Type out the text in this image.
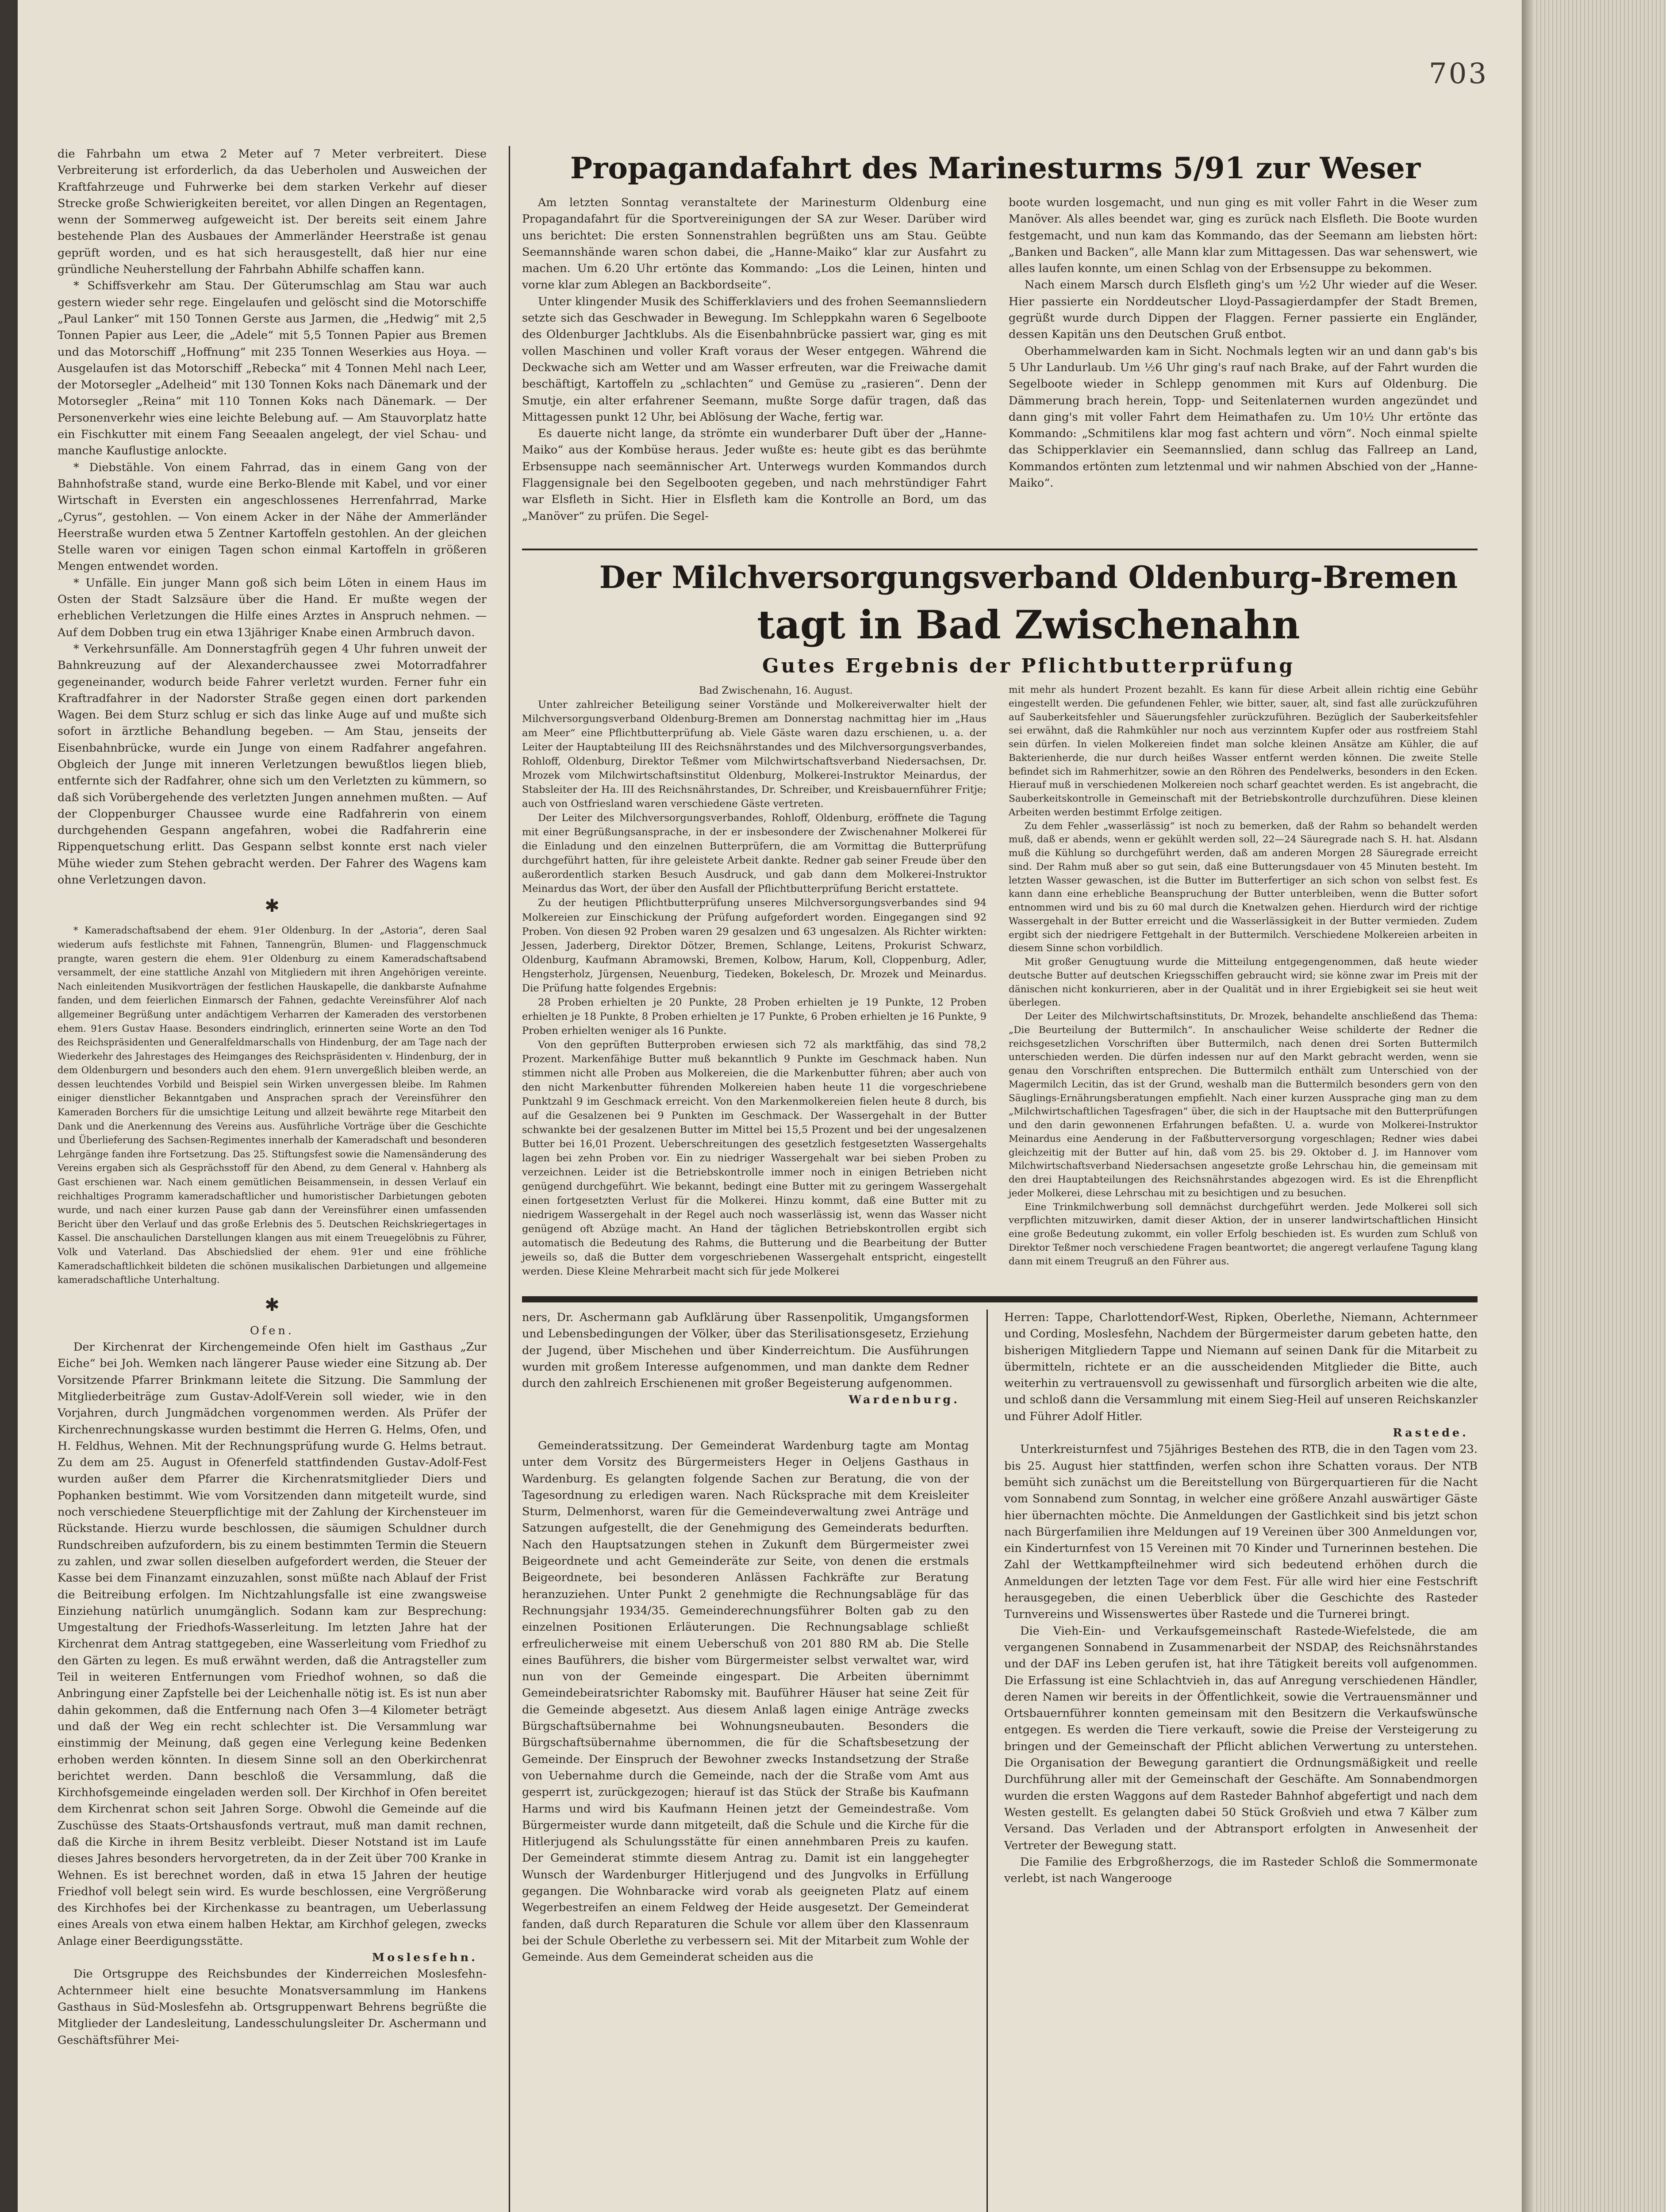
703

die Fahrbahn um etwa 2 Meter auf 7 Meter verbreitert. Diese Verbreiterung ist erforderlich, da das Ueberholen und Ausweichen der Kraftfahrzeuge und Fuhrwerke bei dem starken Verkehr auf dieser Strecke große Schwierigkeiten bereitet, vor allen Dingen an Regentagen, wenn der Sommerweg aufgeweicht ist. Der bereits seit einem Jahre bestehende Plan des Ausbaues der Ammerländer Heerstraße ist genau geprüft worden, und es hat sich herausgestellt, daß hier nur eine gründliche Neuherstellung der Fahrbahn Abhilfe schaffen kann.

* Schiffsverkehr am Stau. Der Güterumschlag am Stau war auch gestern wieder sehr rege. Eingelaufen und gelöscht sind die Motorschiffe „Paul Lanker“ mit 150 Tonnen Gerste aus Jarmen, die „Hedwig“ mit 2,5 Tonnen Papier aus Leer, die „Adele“ mit 5,5 Tonnen Papier aus Bremen und das Motorschiff „Hoffnung“ mit 235 Tonnen Weserkies aus Hoya. — Ausgelaufen ist das Motorschiff „Rebecka“ mit 4 Tonnen Mehl nach Leer, der Motorsegler „Adelheid“ mit 130 Tonnen Koks nach Dänemark und der Motorsegler „Reina“ mit 110 Tonnen Koks nach Dänemark. — Der Personenverkehr wies eine leichte Belebung auf. — Am Stauvorplatz hatte ein Fischkutter mit einem Fang Seeaalen angelegt, der viel Schau- und manche Kauflustige anlockte.

* Diebstähle. Von einem Fahrrad, das in einem Gang von der Bahnhofstraße stand, wurde eine Berko-Blende mit Kabel, und vor einer Wirtschaft in Eversten ein angeschlossenes Herrenfahrrad, Marke „Cyrus“, gestohlen. — Von einem Acker in der Nähe der Ammerländer Heerstraße wurden etwa 5 Zentner Kartoffeln gestohlen. An der gleichen Stelle waren vor einigen Tagen schon einmal Kartoffeln in größeren Mengen entwendet worden.

* Unfälle. Ein junger Mann goß sich beim Löten in einem Haus im Osten der Stadt Salzsäure über die Hand. Er mußte wegen der erheblichen Verletzungen die Hilfe eines Arztes in Anspruch nehmen. — Auf dem Dobben trug ein etwa 13jähriger Knabe einen Armbruch davon.

* Verkehrsunfälle. Am Donnerstagfrüh gegen 4 Uhr fuhren unweit der Bahnkreuzung auf der Alexanderchaussee zwei Motorradfahrer gegeneinander, wodurch beide Fahrer verletzt wurden. Ferner fuhr ein Kraftradfahrer in der Nadorster Straße gegen einen dort parkenden Wagen. Bei dem Sturz schlug er sich das linke Auge auf und mußte sich sofort in ärztliche Behandlung begeben. — Am Stau, jenseits der Eisenbahnbrücke, wurde ein Junge von einem Radfahrer angefahren. Obgleich der Junge mit inneren Verletzungen bewußtlos liegen blieb, entfernte sich der Radfahrer, ohne sich um den Verletzten zu kümmern, so daß sich Vorübergehende des verletzten Jungen annehmen mußten. — Auf der Cloppenburger Chaussee wurde eine Radfahrerin von einem durchgehenden Gespann angefahren, wobei die Radfahrerin eine Rippenquetschung erlitt. Das Gespann selbst konnte erst nach vieler Mühe wieder zum Stehen gebracht werden. Der Fahrer des Wagens kam ohne Verletzungen davon.

✱

* Kameradschaftsabend der ehem. 91er Oldenburg. In der „Astoria“, deren Saal wiederum aufs festlichste mit Fahnen, Tannengrün, Blumen- und Flaggenschmuck prangte, waren gestern die ehem. 91er Oldenburg zu einem Kameradschaftsabend versammelt, der eine stattliche Anzahl von Mitgliedern mit ihren Angehörigen vereinte. Nach einleitenden Musikvorträgen der festlichen Hauskapelle, die dankbarste Aufnahme fanden, und dem feierlichen Einmarsch der Fahnen, gedachte Vereinsführer Alof nach allgemeiner Begrüßung unter andächtigem Verharren der Kameraden des verstorbenen ehem. 91ers Gustav Haase. Besonders eindringlich, erinnerten seine Worte an den Tod des Reichspräsidenten und Generalfeldmarschalls von Hindenburg, der am Tage nach der Wiederkehr des Jahrestages des Heimganges des Reichspräsidenten v. Hindenburg, der in dem Oldenburgern und besonders auch den ehem. 91ern unvergeßlich bleiben werde, an dessen leuchtendes Vorbild und Beispiel sein Wirken unvergessen bleibe. Im Rahmen einiger dienstlicher Bekanntgaben und Ansprachen sprach der Vereinsführer den Kameraden Borchers für die umsichtige Leitung und allzeit bewährte rege Mitarbeit den Dank und die Anerkennung des Vereins aus. Ausführliche Vorträge über die Geschichte und Überlieferung des Sachsen-Regimentes innerhalb der Kameradschaft und besonderen Lehrgänge fanden ihre Fortsetzung. Das 25. Stiftungsfest sowie die Namensänderung des Vereins ergaben sich als Gesprächsstoff für den Abend, zu dem General v. Hahnberg als Gast erschienen war. Nach einem gemütlichen Beisammensein, in dessen Verlauf ein reichhaltiges Programm kameradschaftlicher und humoristischer Darbietungen geboten wurde, und nach einer kurzen Pause gab dann der Vereinsführer einen umfassenden Bericht über den Verlauf und das große Erlebnis des 5. Deutschen Reichskriegertages in Kassel. Die anschaulichen Darstellungen klangen aus mit einem Treuegelöbnis zu Führer, Volk und Vaterland. Das Abschiedslied der ehem. 91er und eine fröhliche Kameradschaftlichkeit bildeten die schönen musikalischen Darbietungen und allgemeine kameradschaftliche Unterhaltung.

✱

Ofen.

Der Kirchenrat der Kirchengemeinde Ofen hielt im Gasthaus „Zur Eiche“ bei Joh. Wemken nach längerer Pause wieder eine Sitzung ab. Der Vorsitzende Pfarrer Brinkmann leitete die Sitzung. Die Sammlung der Mitgliederbeiträge zum Gustav-Adolf-Verein soll wieder, wie in den Vorjahren, durch Jungmädchen vorgenommen werden. Als Prüfer der Kirchenrechnungskasse wurden bestimmt die Herren G. Helms, Ofen, und H. Feldhus, Wehnen. Mit der Rechnungsprüfung wurde G. Helms betraut. Zu dem am 25. August in Ofenerfeld stattfindenden Gustav-Adolf-Fest wurden außer dem Pfarrer die Kirchenratsmitglieder Diers und Pophanken bestimmt. Wie vom Vorsitzenden dann mitgeteilt wurde, sind noch verschiedene Steuerpflichtige mit der Zahlung der Kirchensteuer im Rückstande. Hierzu wurde beschlossen, die säumigen Schuldner durch Rundschreiben aufzufordern, bis zu einem bestimmten Termin die Steuern zu zahlen, und zwar sollen dieselben aufgefordert werden, die Steuer der Kasse bei dem Finanzamt einzuzahlen, sonst müßte nach Ablauf der Frist die Beitreibung erfolgen. Im Nichtzahlungsfalle ist eine zwangsweise Einziehung natürlich unumgänglich. Sodann kam zur Besprechung: Umgestaltung der Friedhofs-Wasserleitung. Im letzten Jahre hat der Kirchenrat dem Antrag stattgegeben, eine Wasserleitung vom Friedhof zu den Gärten zu legen. Es muß erwähnt werden, daß die Antragsteller zum Teil in weiteren Entfernungen vom Friedhof wohnen, so daß die Anbringung einer Zapfstelle bei der Leichenhalle nötig ist. Es ist nun aber dahin gekommen, daß die Entfernung nach Ofen 3—4 Kilometer beträgt und daß der Weg ein recht schlechter ist. Die Versammlung war einstimmig der Meinung, daß gegen eine Verlegung keine Bedenken erhoben werden könnten. In diesem Sinne soll an den Oberkirchenrat berichtet werden. Dann beschloß die Versammlung, daß die Kirchhofsgemeinde eingeladen werden soll. Der Kirchhof in Ofen bereitet dem Kirchenrat schon seit Jahren Sorge. Obwohl die Gemeinde auf die Zuschüsse des Staats-Ortshausfonds vertraut, muß man damit rechnen, daß die Kirche in ihrem Besitz verbleibt. Dieser Notstand ist im Laufe dieses Jahres besonders hervorgetreten, da in der Zeit über 700 Kranke in Wehnen. Es ist berechnet worden, daß in etwa 15 Jahren der heutige Friedhof voll belegt sein wird. Es wurde beschlossen, eine Vergrößerung des Kirchhofes bei der Kirchenkasse zu beantragen, um Ueberlassung eines Areals von etwa einem halben Hektar, am Kirchhof gelegen, zwecks Anlage einer Beerdigungsstätte.

Moslesfehn.

Die Ortsgruppe des Reichsbundes der Kinderreichen Moslesfehn-Achternmeer hielt eine besuchte Monatsversammlung im Hankens Gasthaus in Süd-Moslesfehn ab. Ortsgruppenwart Behrens begrüßte die Mitglieder der Landesleitung, Landesschulungsleiter Dr. Aschermann und Geschäftsführer Mei-

Propagandafahrt des Marinesturms 5/91 zur Weser

Am letzten Sonntag veranstaltete der Marinesturm Oldenburg eine Propagandafahrt für die Sportvereinigungen der SA zur Weser. Darüber wird uns berichtet: Die ersten Sonnenstrahlen begrüßten uns am Stau. Geübte Seemannshände waren schon dabei, die „Hanne-Maiko“ klar zur Ausfahrt zu machen. Um 6.20 Uhr ertönte das Kommando: „Los die Leinen, hinten und vorne klar zum Ablegen an Backbordseite“.

Unter klingender Musik des Schifferklaviers und des frohen Seemannsliedern setzte sich das Geschwader in Bewegung. Im Schleppkahn waren 6 Segelboote des Oldenburger Jachtklubs. Als die Eisenbahnbrücke passiert war, ging es mit vollen Maschinen und voller Kraft voraus der Weser entgegen. Während die Deckwache sich am Wetter und am Wasser erfreuten, war die Freiwache damit beschäftigt, Kartoffeln zu „schlachten“ und Gemüse zu „rasieren“. Denn der Smutje, ein alter erfahrener Seemann, mußte Sorge dafür tragen, daß das Mittagessen punkt 12 Uhr, bei Ablösung der Wache, fertig war.

Es dauerte nicht lange, da strömte ein wunderbarer Duft über der „Hanne-Maiko“ aus der Kombüse heraus. Jeder wußte es: heute gibt es das berühmte Erbsensuppe nach seemännischer Art. Unterwegs wurden Kommandos durch Flaggensignale bei den Segelbooten gegeben, und nach mehrstündiger Fahrt war Elsfleth in Sicht. Hier in Elsfleth kam die Kontrolle an Bord, um das „Manöver“ zu prüfen. Die Segel-

boote wurden losgemacht, und nun ging es mit voller Fahrt in die Weser zum Manöver. Als alles beendet war, ging es zurück nach Elsfleth. Die Boote wurden festgemacht, und nun kam das Kommando, das der Seemann am liebsten hört: „Banken und Backen“, alle Mann klar zum Mittagessen. Das war sehenswert, wie alles laufen konnte, um einen Schlag von der Erbsensuppe zu bekommen.

Nach einem Marsch durch Elsfleth ging's um ½2 Uhr wieder auf die Weser. Hier passierte ein Norddeutscher Lloyd-Passagierdampfer der Stadt Bremen, gegrüßt wurde durch Dippen der Flaggen. Ferner passierte ein Engländer, dessen Kapitän uns den Deutschen Gruß entbot.

Oberhammelwarden kam in Sicht. Nochmals legten wir an und dann gab's bis 5 Uhr Landurlaub. Um ½6 Uhr ging's rauf nach Brake, auf der Fahrt wurden die Segelboote wieder in Schlepp genommen mit Kurs auf Oldenburg. Die Dämmerung brach herein, Topp- und Seitenlaternen wurden angezündet und dann ging's mit voller Fahrt dem Heimathafen zu. Um 10½ Uhr ertönte das Kommando: „Schmitilens klar mog fast achtern und vörn“. Noch einmal spielte das Schipperklavier ein Seemannslied, dann schlug das Fallreep an Land, Kommandos ertönten zum letztenmal und wir nahmen Abschied von der „Hanne-Maiko“.

Der Milchversorgungsverband Oldenburg-Bremen
tagt in Bad Zwischenahn
Gutes Ergebnis der Pflichtbutterprüfung

Bad Zwischenahn, 16. August.

Unter zahlreicher Beteiligung seiner Vorstände und Molkereiverwalter hielt der Milchversorgungsverband Oldenburg-Bremen am Donnerstag nachmittag hier im „Haus am Meer“ eine Pflichtbutterprüfung ab. Viele Gäste waren dazu erschienen, u. a. der Leiter der Hauptabteilung III des Reichsnährstandes und des Milchversorgungsverbandes, Rohloff, Oldenburg, Direktor Teßmer vom Milchwirtschaftsverband Niedersachsen, Dr. Mrozek vom Milchwirtschaftsinstitut Oldenburg, Molkerei-Instruktor Meinardus, der Stabsleiter der Ha. III des Reichsnährstandes, Dr. Schreiber, und Kreisbauernführer Fritje; auch von Ostfriesland waren verschiedene Gäste vertreten.

Der Leiter des Milchversorgungsverbandes, Rohloff, Oldenburg, eröffnete die Tagung mit einer Begrüßungsansprache, in der er insbesondere der Zwischenahner Molkerei für die Einladung und den einzelnen Butterprüfern, die am Vormittag die Butterprüfung durchgeführt hatten, für ihre geleistete Arbeit dankte. Redner gab seiner Freude über den außerordentlich starken Besuch Ausdruck, und gab dann dem Molkerei-Instruktor Meinardus das Wort, der über den Ausfall der Pflichtbutterprüfung Bericht erstattete.

Zu der heutigen Pflichtbutterprüfung unseres Milchversorgungsverbandes sind 94 Molkereien zur Einschickung der Prüfung aufgefordert worden. Eingegangen sind 92 Proben. Von diesen 92 Proben waren 29 gesalzen und 63 ungesalzen. Als Richter wirkten: Jessen, Jaderberg, Direktor Dötzer, Bremen, Schlange, Leitens, Prokurist Schwarz, Oldenburg, Kaufmann Abramowski, Bremen, Kolbow, Harum, Koll, Cloppenburg, Adler, Hengsterholz, Jürgensen, Neuenburg, Tiedeken, Bokelesch, Dr. Mrozek und Meinardus. Die Prüfung hatte folgendes Ergebnis:

28 Proben erhielten je 20 Punkte, 28 Proben erhielten je 19 Punkte, 12 Proben erhielten je 18 Punkte, 8 Proben erhielten je 17 Punkte, 6 Proben erhielten je 16 Punkte, 9 Proben erhielten weniger als 16 Punkte.

Von den geprüften Butterproben erwiesen sich 72 als marktfähig, das sind 78,2 Prozent. Markenfähige Butter muß bekanntlich 9 Punkte im Geschmack haben. Nun stimmen nicht alle Proben aus Molkereien, die die Markenbutter führen; aber auch von den nicht Markenbutter führenden Molkereien haben heute 11 die vorgeschriebene Punktzahl 9 im Geschmack erreicht. Von den Markenmolkereien fielen heute 8 durch, bis auf die Gesalzenen bei 9 Punkten im Geschmack. Der Wassergehalt in der Butter schwankte bei der gesalzenen Butter im Mittel bei 15,5 Prozent und bei der ungesalzenen Butter bei 16,01 Prozent. Ueberschreitungen des gesetzlich festgesetzten Wassergehalts lagen bei zehn Proben vor. Ein zu niedriger Wassergehalt war bei sieben Proben zu verzeichnen. Leider ist die Betriebskontrolle immer noch in einigen Betrieben nicht genügend durchgeführt. Wie bekannt, bedingt eine Butter mit zu geringem Wassergehalt einen fortgesetzten Verlust für die Molkerei. Hinzu kommt, daß eine Butter mit zu niedrigem Wassergehalt in der Regel auch noch wasserlässig ist, wenn das Wasser nicht genügend oft Abzüge macht. An Hand der täglichen Betriebskontrollen ergibt sich automatisch die Bedeutung des Rahms, die Butterung und die Bearbeitung der Butter jeweils so, daß die Butter dem vorgeschriebenen Wassergehalt entspricht, eingestellt werden. Diese Kleine Mehrarbeit macht sich für jede Molkerei

mit mehr als hundert Prozent bezahlt. Es kann für diese Arbeit allein richtig eine Gebühr eingestellt werden. Die gefundenen Fehler, wie bitter, sauer, alt, sind fast alle zurückzuführen auf Sauberkeitsfehler und Säuerungsfehler zurückzuführen. Bezüglich der Sauberkeitsfehler sei erwähnt, daß die Rahmkühler nur noch aus verzinntem Kupfer oder aus rostfreiem Stahl sein dürfen. In vielen Molkereien findet man solche kleinen Ansätze am Kühler, die auf Bakterienherde, die nur durch heißes Wasser entfernt werden können. Die zweite Stelle befindet sich im Rahmerhitzer, sowie an den Röhren des Pendelwerks, besonders in den Ecken. Hierauf muß in verschiedenen Molkereien noch scharf geachtet werden. Es ist angebracht, die Sauberkeitskontrolle in Gemeinschaft mit der Betriebskontrolle durchzuführen. Diese kleinen Arbeiten werden bestimmt Erfolge zeitigen.

Zu dem Fehler „wasserlässig“ ist noch zu bemerken, daß der Rahm so behandelt werden muß, daß er abends, wenn er gekühlt werden soll, 22—24 Säuregrade nach S. H. hat. Alsdann muß die Kühlung so durchgeführt werden, daß am anderen Morgen 28 Säuregrade erreicht sind. Der Rahm muß aber so gut sein, daß eine Butterungsdauer von 45 Minuten besteht. Im letzten Wasser gewaschen, ist die Butter im Butterfertiger an sich schon von selbst fest. Es kann dann eine erhebliche Beanspruchung der Butter unterbleiben, wenn die Butter sofort entnommen wird und bis zu 60 mal durch die Knetwalzen gehen. Hierdurch wird der richtige Wassergehalt in der Butter erreicht und die Wasserlässigkeit in der Butter vermieden. Zudem ergibt sich der niedrigere Fettgehalt in der Buttermilch. Verschiedene Molkereien arbeiten in diesem Sinne schon vorbildlich.

Mit großer Genugtuung wurde die Mitteilung entgegengenommen, daß heute wieder deutsche Butter auf deutschen Kriegsschiffen gebraucht wird; sie könne zwar im Preis mit der dänischen nicht konkurrieren, aber in der Qualität und in ihrer Ergiebigkeit sei sie heut weit überlegen.

Der Leiter des Milchwirtschaftsinstituts, Dr. Mrozek, behandelte anschließend das Thema: „Die Beurteilung der Buttermilch“. In anschaulicher Weise schilderte der Redner die reichsgesetzlichen Vorschriften über Buttermilch, nach denen drei Sorten Buttermilch unterschieden werden. Die dürfen indessen nur auf den Markt gebracht werden, wenn sie genau den Vorschriften entsprechen. Die Buttermilch enthält zum Unterschied von der Magermilch Lecitin, das ist der Grund, weshalb man die Buttermilch besonders gern von den Säuglings-Ernährungsberatungen empfiehlt. Nach einer kurzen Aussprache ging man zu dem „Milchwirtschaftlichen Tagesfragen“ über, die sich in der Hauptsache mit den Butterprüfungen und den darin gewonnenen Erfahrungen befaßten. U. a. wurde von Molkerei-Instruktor Meinardus eine Aenderung in der Faßbutterversorgung vorgeschlagen; Redner wies dabei gleichzeitig mit der Butter auf hin, daß vom 25. bis 29. Oktober d. J. im Hannover vom Milchwirtschaftsverband Niedersachsen angesetzte große Lehrschau hin, die gemeinsam mit den drei Hauptabteilungen des Reichsnährstandes abgezogen wird. Es ist die Ehrenpflicht jeder Molkerei, diese Lehrschau mit zu besichtigen und zu besuchen.

Eine Trinkmilchwerbung soll demnächst durchgeführt werden. Jede Molkerei soll sich verpflichten mitzuwirken, damit dieser Aktion, der in unserer landwirtschaftlichen Hinsicht eine große Bedeutung zukommt, ein voller Erfolg beschieden ist. Es wurden zum Schluß von Direktor Teßmer noch verschiedene Fragen beantwortet; die angeregt verlaufene Tagung klang dann mit einem Treugruß an den Führer aus.

ners, Dr. Aschermann gab Aufklärung über Rassenpolitik, Umgangsformen und Lebensbedingungen der Völker, über das Sterilisationsgesetz, Erziehung der Jugend, über Mischehen und über Kinderreichtum. Die Ausführungen wurden mit großem Interesse aufgenommen, und man dankte dem Redner durch den zahlreich Erschienenen mit großer Begeisterung aufgenommen.

Wardenburg.

Gemeinderatssitzung. Der Gemeinderat Wardenburg tagte am Montag unter dem Vorsitz des Bürgermeisters Heger in Oeljens Gasthaus in Wardenburg. Es gelangten folgende Sachen zur Beratung, die von der Tagesordnung zu erledigen waren. Nach Rücksprache mit dem Kreisleiter Sturm, Delmenhorst, waren für die Gemeindeverwaltung zwei Anträge und Satzungen aufgestellt, die der Genehmigung des Gemeinderats bedurften. Nach den Hauptsatzungen stehen in Zukunft dem Bürgermeister zwei Beigeordnete und acht Gemeinderäte zur Seite, von denen die erstmals Beigeordnete, bei besonderen Anlässen Fachkräfte zur Beratung heranzuziehen. Unter Punkt 2 genehmigte die Rechnungsabläge für das Rechnungsjahr 1934/35. Gemeinderechnungsführer Bolten gab zu den einzelnen Positionen Erläuterungen. Die Rechnungsablage schließt erfreulicherweise mit einem Ueberschuß von 201 880 RM ab. Die Stelle eines Bauführers, die bisher vom Bürgermeister selbst verwaltet war, wird nun von der Gemeinde eingespart. Die Arbeiten übernimmt Gemeindebeiratsrichter Rabomsky mit. Bauführer Häuser hat seine Zeit für die Gemeinde abgesetzt. Aus diesem Anlaß lagen einige Anträge zwecks Bürgschaftsübernahme bei Wohnungsneubauten. Besonders die Bürgschaftsübernahme übernommen, die für die Schaftsbesetzung der Gemeinde. Der Einspruch der Bewohner zwecks Instandsetzung der Straße von Uebernahme durch die Gemeinde, nach der die Straße vom Amt aus gesperrt ist, zurückgezogen; hierauf ist das Stück der Straße bis Kaufmann Harms und wird bis Kaufmann Heinen jetzt der Gemeindestraße. Vom Bürgermeister wurde dann mitgeteilt, daß die Schule und die Kirche für die Hitlerjugend als Schulungsstätte für einen annehmbaren Preis zu kaufen. Der Gemeinderat stimmte diesem Antrag zu. Damit ist ein langgehegter Wunsch der Wardenburger Hitlerjugend und des Jungvolks in Erfüllung gegangen. Die Wohnbaracke wird vorab als geeigneten Platz auf einem Wegerbestreifen an einem Feldweg der Heide ausgesetzt. Der Gemeinderat fanden, daß durch Reparaturen die Schule vor allem über den Klassenraum bei der Schule Oberlethe zu verbessern sei. Mit der Mitarbeit zum Wohle der Gemeinde. Aus dem Gemeinderat scheiden aus die

Herren: Tappe, Charlottendorf-West, Ripken, Oberlethe, Niemann, Achternmeer und Cording, Moslesfehn, Nachdem der Bürgermeister darum gebeten hatte, den bisherigen Mitgliedern Tappe und Niemann auf seinen Dank für die Mitarbeit zu übermitteln, richtete er an die ausscheidenden Mitglieder die Bitte, auch weiterhin zu vertrauensvoll zu gewissenhaft und fürsorglich arbeiten wie die alte, und schloß dann die Versammlung mit einem Sieg-Heil auf unseren Reichskanzler und Führer Adolf Hitler.

Rastede.

Unterkreisturnfest und 75jähriges Bestehen des RTB, die in den Tagen vom 23. bis 25. August hier stattfinden, werfen schon ihre Schatten voraus. Der NTB bemüht sich zunächst um die Bereitstellung von Bürgerquartieren für die Nacht vom Sonnabend zum Sonntag, in welcher eine größere Anzahl auswärtiger Gäste hier übernachten möchte. Die Anmeldungen der Gastlichkeit sind bis jetzt schon nach Bürgerfamilien ihre Meldungen auf 19 Vereinen über 300 Anmeldungen vor, ein Kinderturnfest von 15 Vereinen mit 70 Kinder und Turnerinnen bestehen. Die Zahl der Wettkampfteilnehmer wird sich bedeutend erhöhen durch die Anmeldungen der letzten Tage vor dem Fest. Für alle wird hier eine Festschrift herausgegeben, die einen Ueberblick über die Geschichte des Rasteder Turnvereins und Wissenswertes über Rastede und die Turnerei bringt.

Die Vieh-Ein- und Verkaufsgemeinschaft Rastede-Wiefelstede, die am vergangenen Sonnabend in Zusammenarbeit der NSDAP, des Reichsnährstandes und der DAF ins Leben gerufen ist, hat ihre Tätigkeit bereits voll aufgenommen. Die Erfassung ist eine Schlachtvieh in, das auf Anregung verschiedenen Händler, deren Namen wir bereits in der Öffentlichkeit, sowie die Vertrauensmänner und Ortsbauernführer konnten gemeinsam mit den Besitzern die Verkaufswünsche entgegen. Es werden die Tiere verkauft, sowie die Preise der Versteigerung zu bringen und der Gemeinschaft der Pflicht ablichen Verwertung zu unterstehen. Die Organisation der Bewegung garantiert die Ordnungsmäßigkeit und reelle Durchführung aller mit der Gemeinschaft der Geschäfte. Am Sonnabendmorgen wurden die ersten Waggons auf dem Rasteder Bahnhof abgefertigt und nach dem Westen gestellt. Es gelangten dabei 50 Stück Großvieh und etwa 7 Kälber zum Versand. Das Verladen und der Abtransport erfolgten in Anwesenheit der Vertreter der Bewegung statt.

Die Familie des Erbgroßherzogs, die im Rasteder Schloß die Sommermonate verlebt, ist nach Wangerooge
